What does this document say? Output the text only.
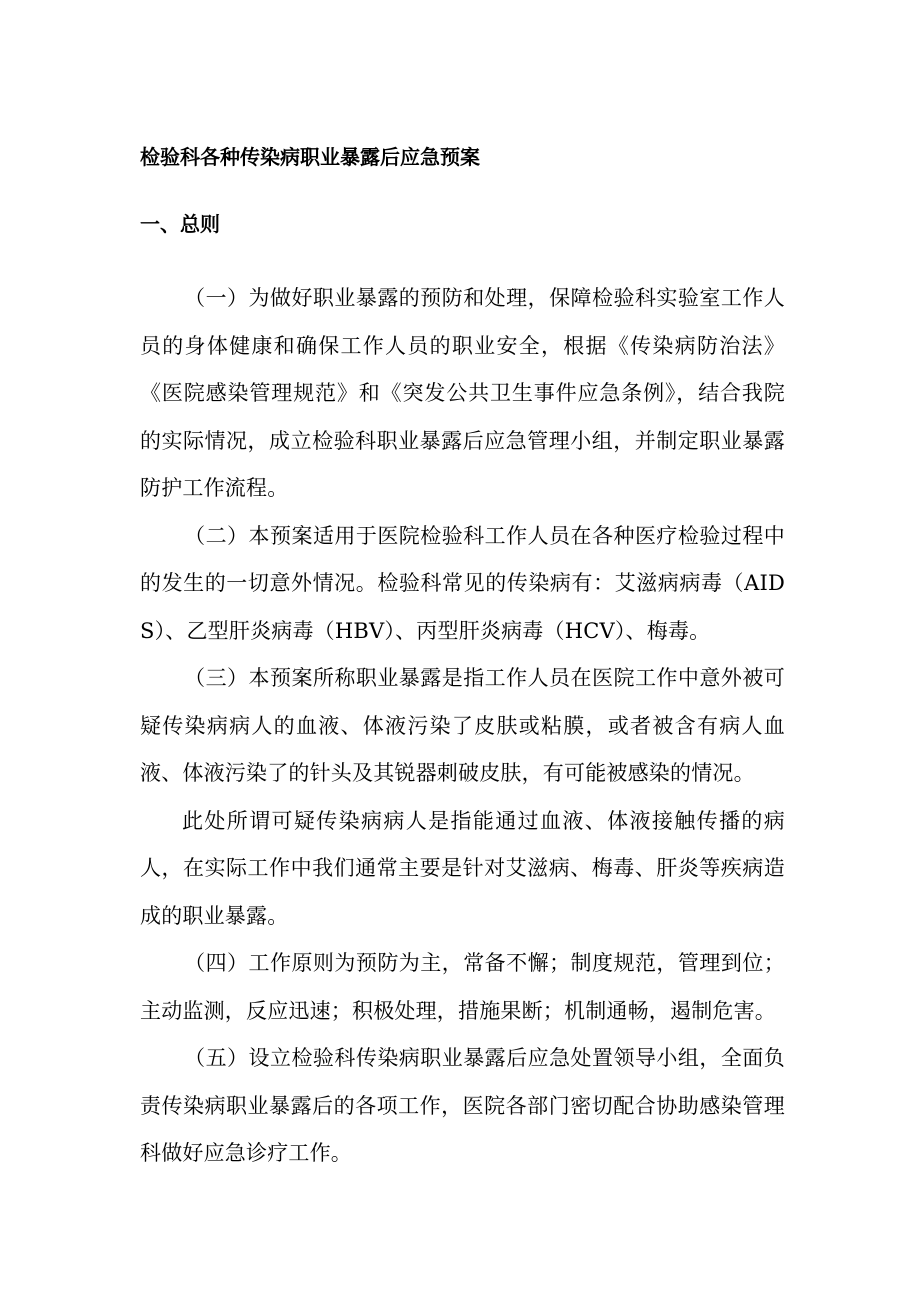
检验科各种传染病职业暴露后应急预案
一、总则

（一）为做好职业暴露的预防和处理，保障检验科实验室工作人员的身体健康和确保工作人员的职业安全，根据《传染病防治法》《医院感染管理规范》和《突发公共卫生事件应急条例》，结合我院的实际情况，成立检验科职业暴露后应急管理小组，并制定职业暴露防护工作流程。

（二）本预案适用于医院检验科工作人员在各种医疗检验过程中的发生的一切意外情况。检验科常见的传染病有：艾滋病病毒（AIDS）、乙型肝炎病毒（HBV）、丙型肝炎病毒（HCV）、梅毒。

（三）本预案所称职业暴露是指工作人员在医院工作中意外被可疑传染病病人的血液、体液污染了皮肤或粘膜，或者被含有病人血液、体液污染了的针头及其锐器刺破皮肤，有可能被感染的情况。

此处所谓可疑传染病病人是指能通过血液、体液接触传播的病人，在实际工作中我们通常主要是针对艾滋病、梅毒、肝炎等疾病造成的职业暴露。

（四）工作原则为预防为主，常备不懈；制度规范，管理到位；主动监测，反应迅速；积极处理，措施果断；机制通畅，遏制危害。

（五）设立检验科传染病职业暴露后应急处置领导小组，全面负责传染病职业暴露后的各项工作，医院各部门密切配合协助感染管理科做好应急诊疗工作。
